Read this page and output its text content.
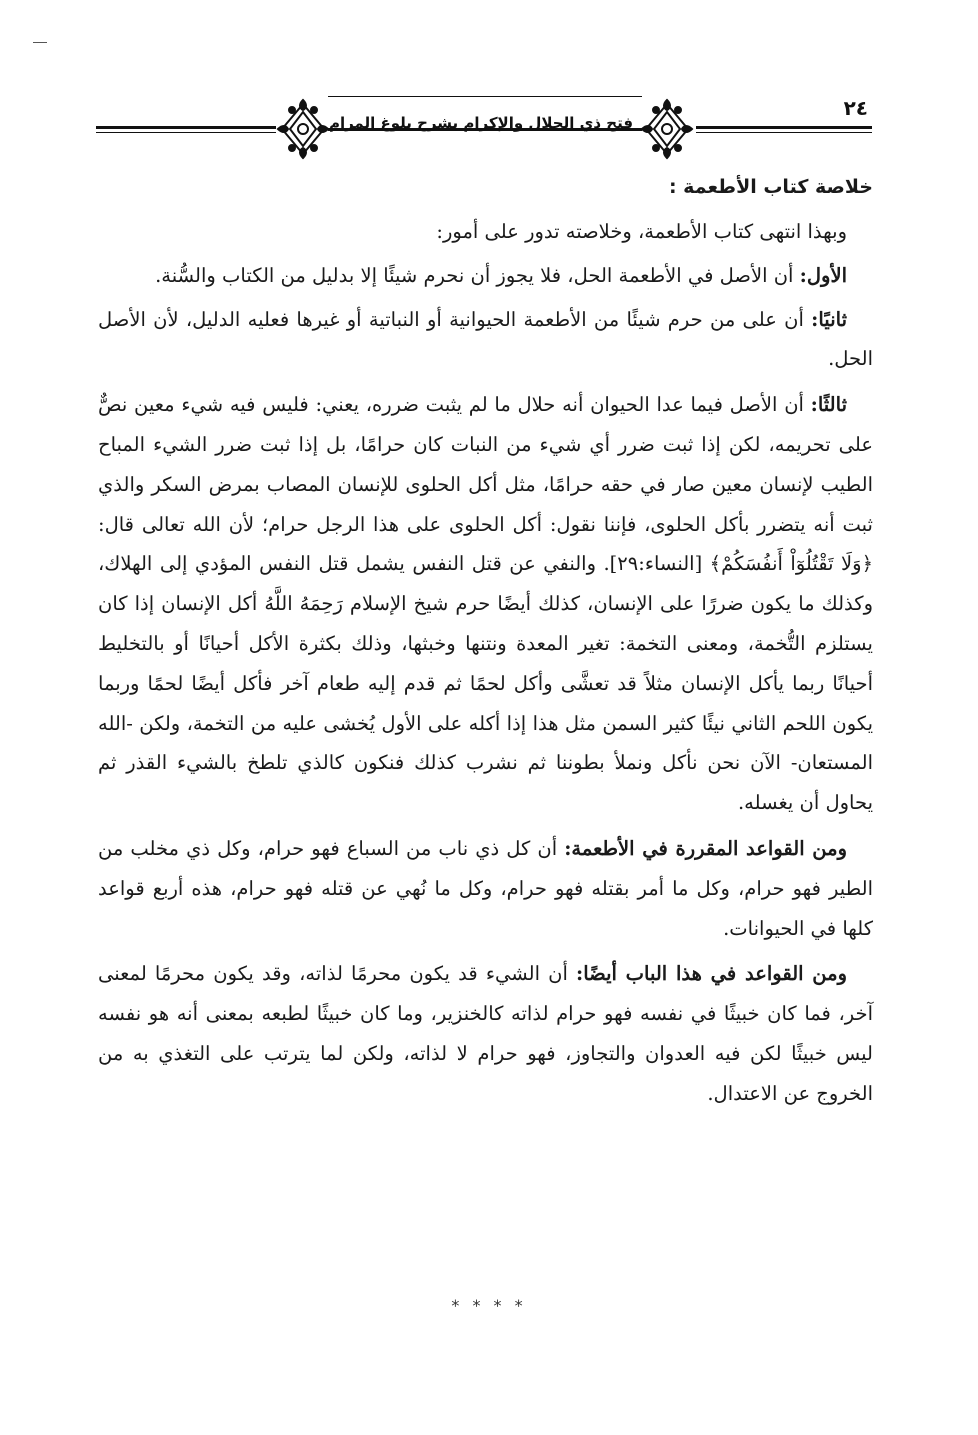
فتح ذي الجلال والإكرام بشرح بلوغ المرام
٢٤
خلاصة كتاب الأطعمة :

وبهذا انتهى كتاب الأطعمة، وخلاصته تدور على أمور:

الأول: أن الأصل في الأطعمة الحل، فلا يجوز أن نحرم شيئًا إلا بدليل من الكتاب والسُّنة.

ثانيًا: أن على من حرم شيئًا من الأطعمة الحيوانية أو النباتية أو غيرها فعليه الدليل، لأن الأصل الحل.

ثالثًا: أن الأصل فيما عدا الحيوان أنه حلال ما لم يثبت ضرره، يعني: فليس فيه شيء معين نصٌّ على تحريمه، لكن إذا ثبت ضرر أي شيء من النبات كان حرامًا، بل إذا ثبت ضرر الشيء المباح الطيب لإنسان معين صار في حقه حرامًا، مثل أكل الحلوى للإنسان المصاب بمرض السكر والذي ثبت أنه يتضرر بأكل الحلوى، فإننا نقول: أكل الحلوى على هذا الرجل حرام؛ لأن الله تعالى قال: ﴿وَلَا تَقْتُلُوٓاْ أَنفُسَكُمْ﴾ [النساء:٢٩]. والنفي عن قتل النفس يشمل قتل النفس المؤدي إلى الهلاك، وكذلك ما يكون ضررًا على الإنسان، كذلك أيضًا حرم شيخ الإسلام رَحِمَهُ اللَّهُ أكل الإنسان إذا كان يستلزم التُّخمة، ومعنى التخمة: تغير المعدة ونتنها وخبثها، وذلك بكثرة الأكل أحيانًا أو بالتخليط أحيانًا ربما يأكل الإنسان مثلاً قد تعشَّى وأكل لحمًا ثم قدم إليه طعام آخر فأكل أيضًا لحمًا وربما يكون اللحم الثاني نيئًا كثير السمن مثل هذا إذا أكله على الأول يُخشى عليه من التخمة، ولكن -الله المستعان- الآن نحن نأكل ونملأ بطوننا ثم نشرب كذلك فنكون كالذي تلطخ بالشيء القذر ثم يحاول أن يغسله.

ومن القواعد المقررة في الأطعمة: أن كل ذي ناب من السباع فهو حرام، وكل ذي مخلب من الطير فهو حرام، وكل ما أمر بقتله فهو حرام، وكل ما نُهي عن قتله فهو حرام، هذه أربع قواعد كلها في الحيوانات.

ومن القواعد في هذا الباب أيضًا: أن الشيء قد يكون محرمًا لذاته، وقد يكون محرمًا لمعنى آخر، فما كان خبيثًا في نفسه فهو حرام لذاته كالخنزير، وما كان خبيثًا لطبعه بمعنى أنه هو نفسه ليس خبيثًا لكن فيه العدوان والتجاوز، فهو حرام لا لذاته، ولكن لما يترتب على التغذي به من الخروج عن الاعتدال.

* * * *
